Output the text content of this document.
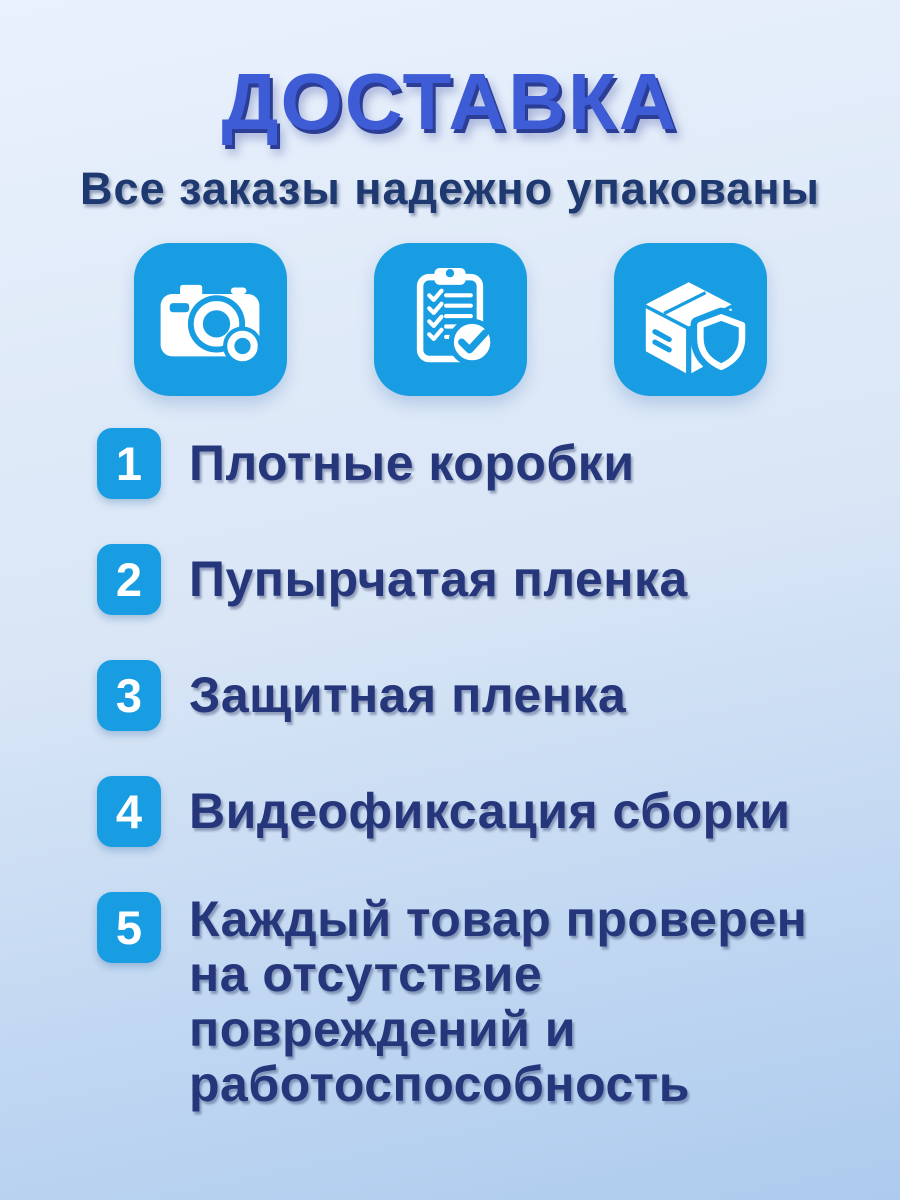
ДОСТАВКА
Все заказы надежно упакованы
1 Плотные коробки
2 Пупырчатая пленка
3 Защитная пленка
4 Видеофиксация сборки
5 Каждый товар проверен
на отсутствие
повреждений и
работоспособность
